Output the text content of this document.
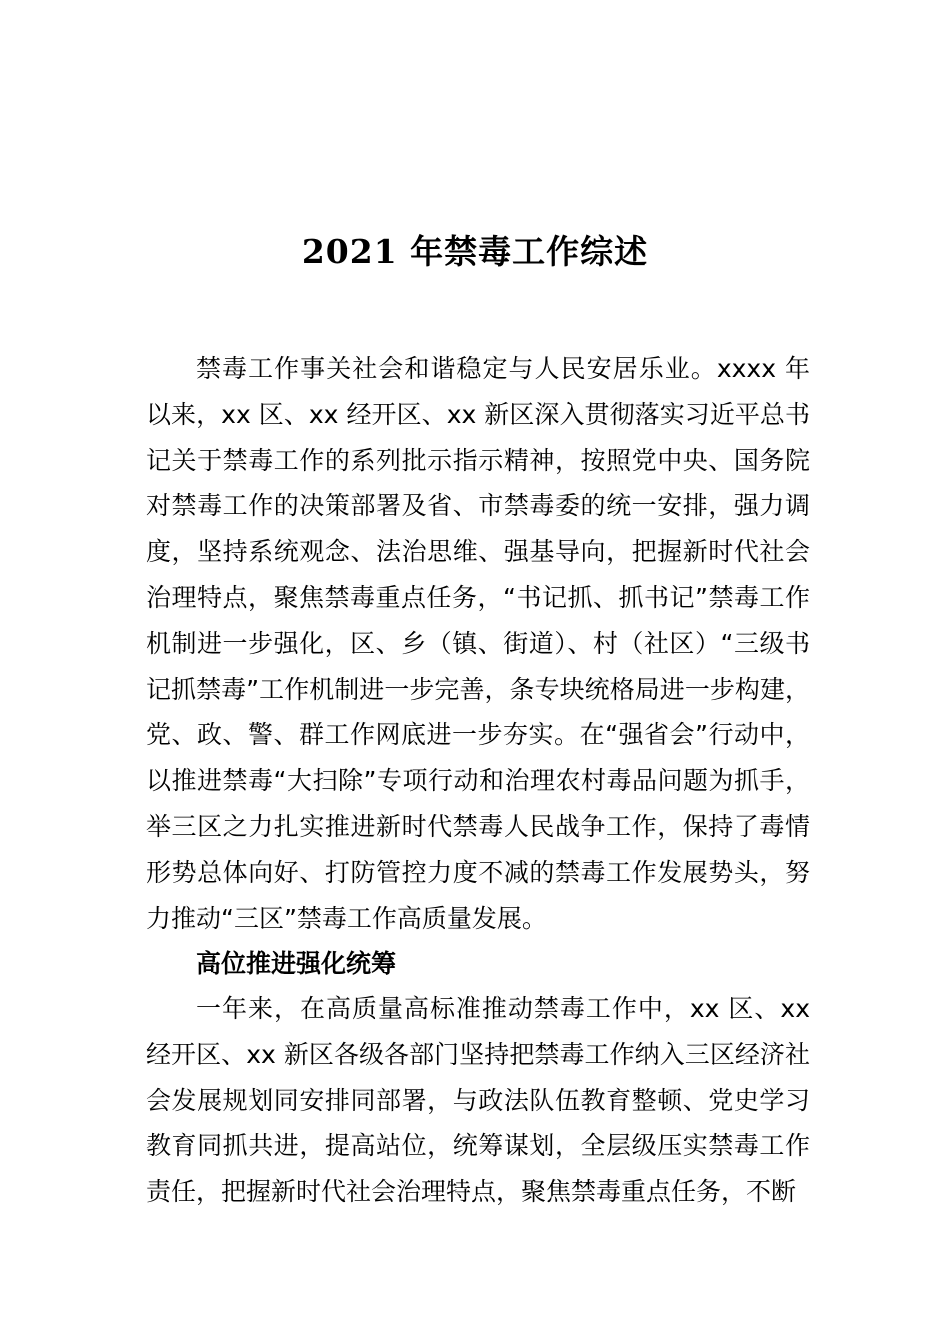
2021 年禁毒工作综述

禁毒工作事关社会和谐稳定与人民安居乐业。xxxx 年以来，xx 区、xx 经开区、xx 新区深入贯彻落实习近平总书记关于禁毒工作的系列批示指示精神，按照党中央、国务院对禁毒工作的决策部署及省、市禁毒委的统一安排，强力调度，坚持系统观念、法治思维、强基导向，把握新时代社会治理特点，聚焦禁毒重点任务，“书记抓、抓书记”禁毒工作机制进一步强化，区、乡（镇、街道）、村（社区）“三级书记抓禁毒”工作机制进一步完善，条专块统格局进一步构建， 党、政、警、群工作网底进一步夯实。在“强省会”行动中， 以推进禁毒“大扫除”专项行动和治理农村毒品问题为抓手， 举三区之力扎实推进新时代禁毒人民战争工作，保持了毒情形势总体向好、打防管控力度不减的禁毒工作发展势头，努力推动“三区”禁毒工作高质量发展。

高位推进强化统筹

一年来，在高质量高标准推动禁毒工作中，xx 区、xx 经开区、xx 新区各级各部门坚持把禁毒工作纳入三区经济社会发展规划同安排同部署，与政法队伍教育整顿、党史学习教育同抓共进，提高站位，统筹谋划，全层级压实禁毒工作责任，把握新时代社会治理特点，聚焦禁毒重点任务，不断
